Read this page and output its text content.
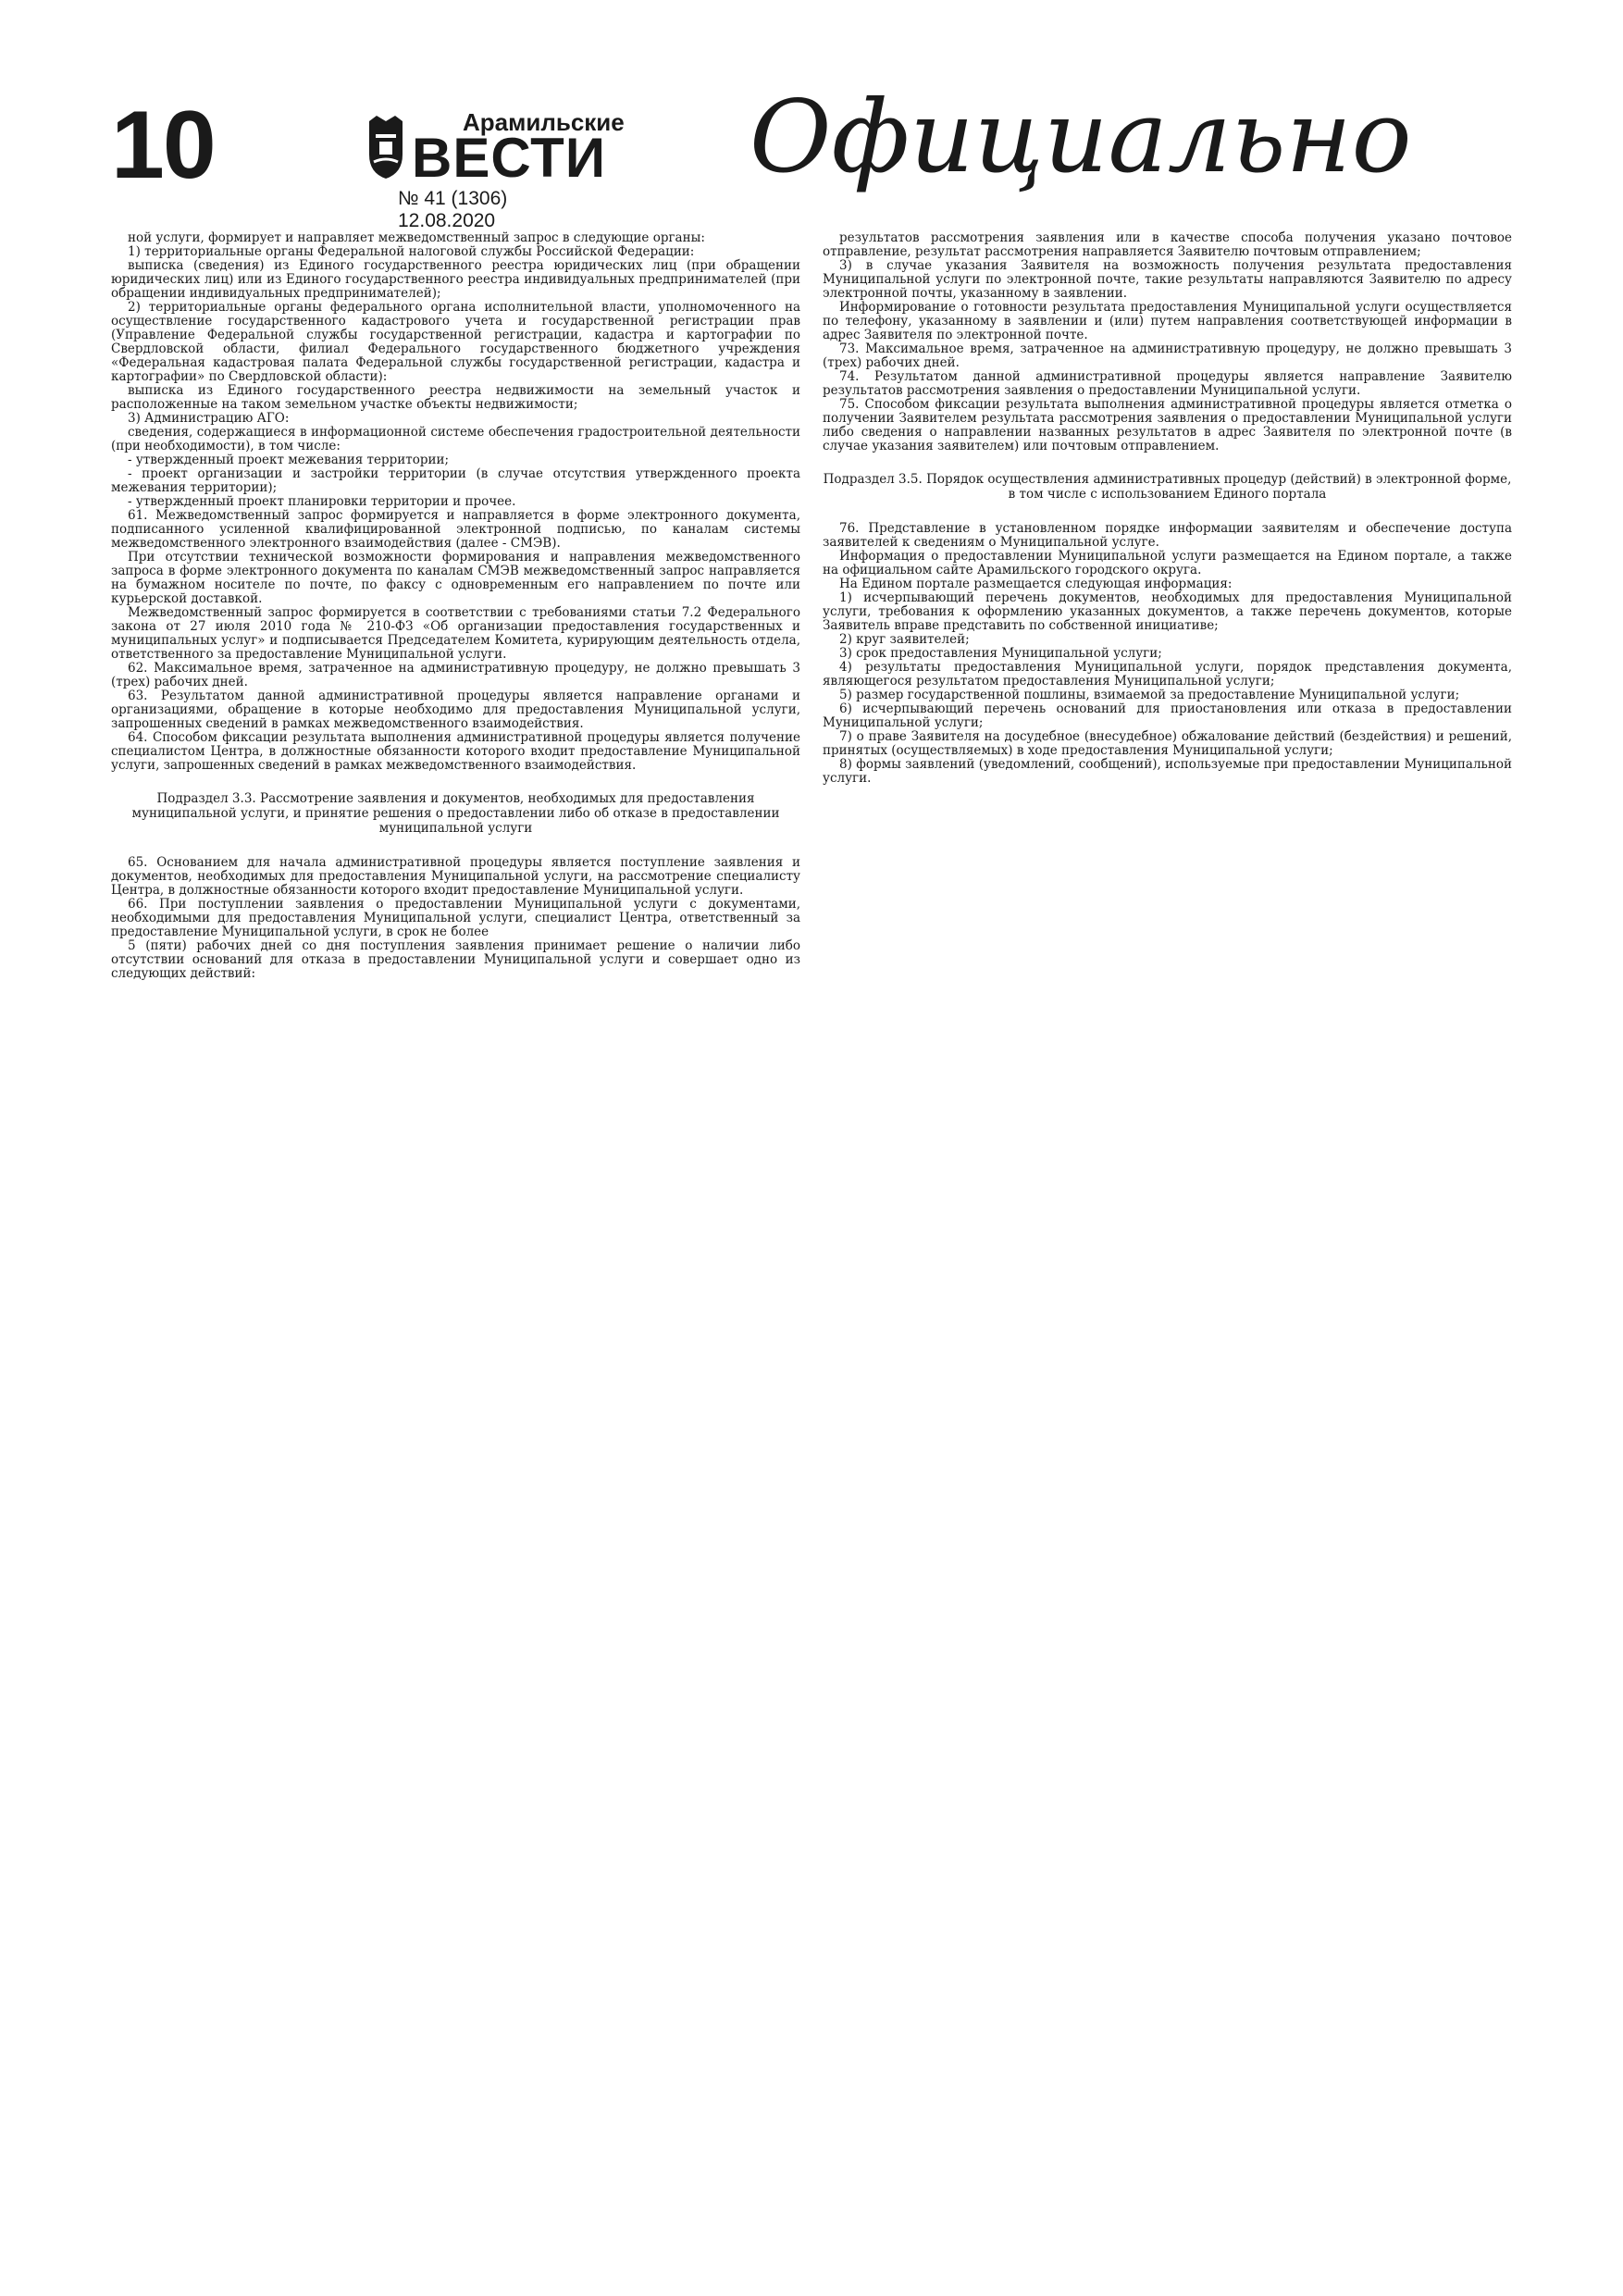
10	Арамильские
ВЕСТИ
№ 41 (1306) 12.08.2020
Официально

ной услуги, формирует и направляет межведомственный запрос в следующие органы:

1) территориальные органы Федеральной налоговой службы Российской Федерации:

выписка (сведения) из Единого государственного реестра юридических лиц (при обращении юридических лиц) или из Единого государственного реестра индивидуальных предпринимателей (при обращении индивидуальных предпринимателей);

2) территориальные органы федерального органа исполнительной власти, уполномоченного на осуществление государственного кадастрового учета и государственной регистрации прав (Управление Федеральной службы государственной регистрации, кадастра и картографии по Свердловской области, филиал Федерального государственного бюджетного учреждения «Федеральная кадастровая палата Федеральной службы государственной регистрации, кадастра и картографии» по Свердловской области):

выписка из Единого государственного реестра недвижимости на земельный участок и расположенные на таком земельном участке объекты недвижимости;

3) Администрацию АГО:

сведения, содержащиеся в информационной системе обеспечения градостроительной деятельности (при необходимости), в том числе:

- утвержденный проект межевания территории;

- проект организации и застройки территории (в случае отсутствия утвержденного проекта межевания территории);

- утвержденный проект планировки территории и прочее.

61. Межведомственный запрос формируется и направляется в форме электронного документа, подписанного усиленной квалифицированной электронной подписью, по каналам системы межведомственного электронного взаимодействия (далее - СМЭВ).

При отсутствии технической возможности формирования и направления межведомственного запроса в форме электронного документа по каналам СМЭВ межведомственный запрос направляется на бумажном носителе по почте, по факсу с одновременным его направлением по почте или курьерской доставкой.

Межведомственный запрос формируется в соответствии с требованиями статьи 7.2 Федерального закона от 27 июля 2010 года № 210-ФЗ «Об организации предоставления государственных и муниципальных услуг» и подписывается Председателем Комитета, курирующим деятельность отдела, ответственного за предоставление Муниципальной услуги.

62. Максимальное время, затраченное на административную процедуру, не должно превышать 3 (трех) рабочих дней.

63. Результатом данной административной процедуры является направление органами и организациями, обращение в которые необходимо для предоставления Муниципальной услуги, запрошенных сведений в рамках межведомственного взаимодействия.

64. Способом фиксации результата выполнения административной процедуры является получение специалистом Центра, в должностные обязанности которого входит предоставление Муниципальной услуги, запрошенных сведений в рамках межведомственного взаимодействия.

Подраздел 3.3. Рассмотрение заявления и документов, необходимых для предоставления муниципальной услуги, и принятие решения о предоставлении либо об отказе в предоставлении муниципальной услуги

65. Основанием для начала административной процедуры является поступление заявления и документов, необходимых для предоставления Муниципальной услуги, на рассмотрение специалисту Центра, в должностные обязанности которого входит предоставление Муниципальной услуги.

66. При поступлении заявления о предоставлении Муниципальной услуги с документами, необходимыми для предоставления Муниципальной услуги, специалист Центра, ответственный за предоставление Муниципальной услуги, в срок не более

5 (пяти) рабочих дней со дня поступления заявления принимает решение о наличии либо отсутствии оснований для отказа в предоставлении Муниципальной услуги и совершает одно из следующих действий:

результатов рассмотрения заявления или в качестве способа получения указано почтовое отправление, результат рассмотрения направляется Заявителю почтовым отправлением;

3) в случае указания Заявителя на возможность получения результата предоставления Муниципальной услуги по электронной почте, такие результаты направляются Заявителю по адресу электронной почты, указанному в заявлении.

Информирование о готовности результата предоставления Муниципальной услуги осуществляется по телефону, указанному в заявлении и (или) путем направления соответствующей информации в адрес Заявителя по электронной почте.

73. Максимальное время, затраченное на административную процедуру, не должно превышать 3 (трех) рабочих дней.

74. Результатом данной административной процедуры является направление Заявителю результатов рассмотрения заявления о предоставлении Муниципальной услуги.

75. Способом фиксации результата выполнения административной процедуры является отметка о получении Заявителем результата рассмотрения заявления о предоставлении Муниципальной услуги либо сведения о направлении названных результатов в адрес Заявителя по электронной почте (в случае указания заявителем) или почтовым отправлением.

Подраздел 3.5. Порядок осуществления административных процедур (действий) в электронной форме, в том числе с использованием Единого портала

76. Представление в установленном порядке информации заявителям и обеспечение доступа заявителей к сведениям о Муниципальной услуге.

Информация о предоставлении Муниципальной услуги размещается на Едином портале, а также на официальном сайте Арамильского городского округа.

На Едином портале размещается следующая информация:

1) исчерпывающий перечень документов, необходимых для предоставления Муниципальной услуги, требования к оформлению указанных документов, а также перечень документов, которые Заявитель вправе представить по собственной инициативе;

2) круг заявителей;

3) срок предоставления Муниципальной услуги;

4) результаты предоставления Муниципальной услуги, порядок представления документа, являющегося результатом предоставления Муниципальной услуги;

5) размер государственной пошлины, взимаемой за предоставление Муниципальной услуги;

6) исчерпывающий перечень оснований для приостановления или отказа в предоставлении Муниципальной услуги;

7) о праве Заявителя на досудебное (внесудебное) обжалование действий (бездействия) и решений, принятых (осуществляемых) в ходе предоставления Муниципальной услуги;

8) формы заявлений (уведомлений, сообщений), используемые при предоставлении Муниципальной услуги.
